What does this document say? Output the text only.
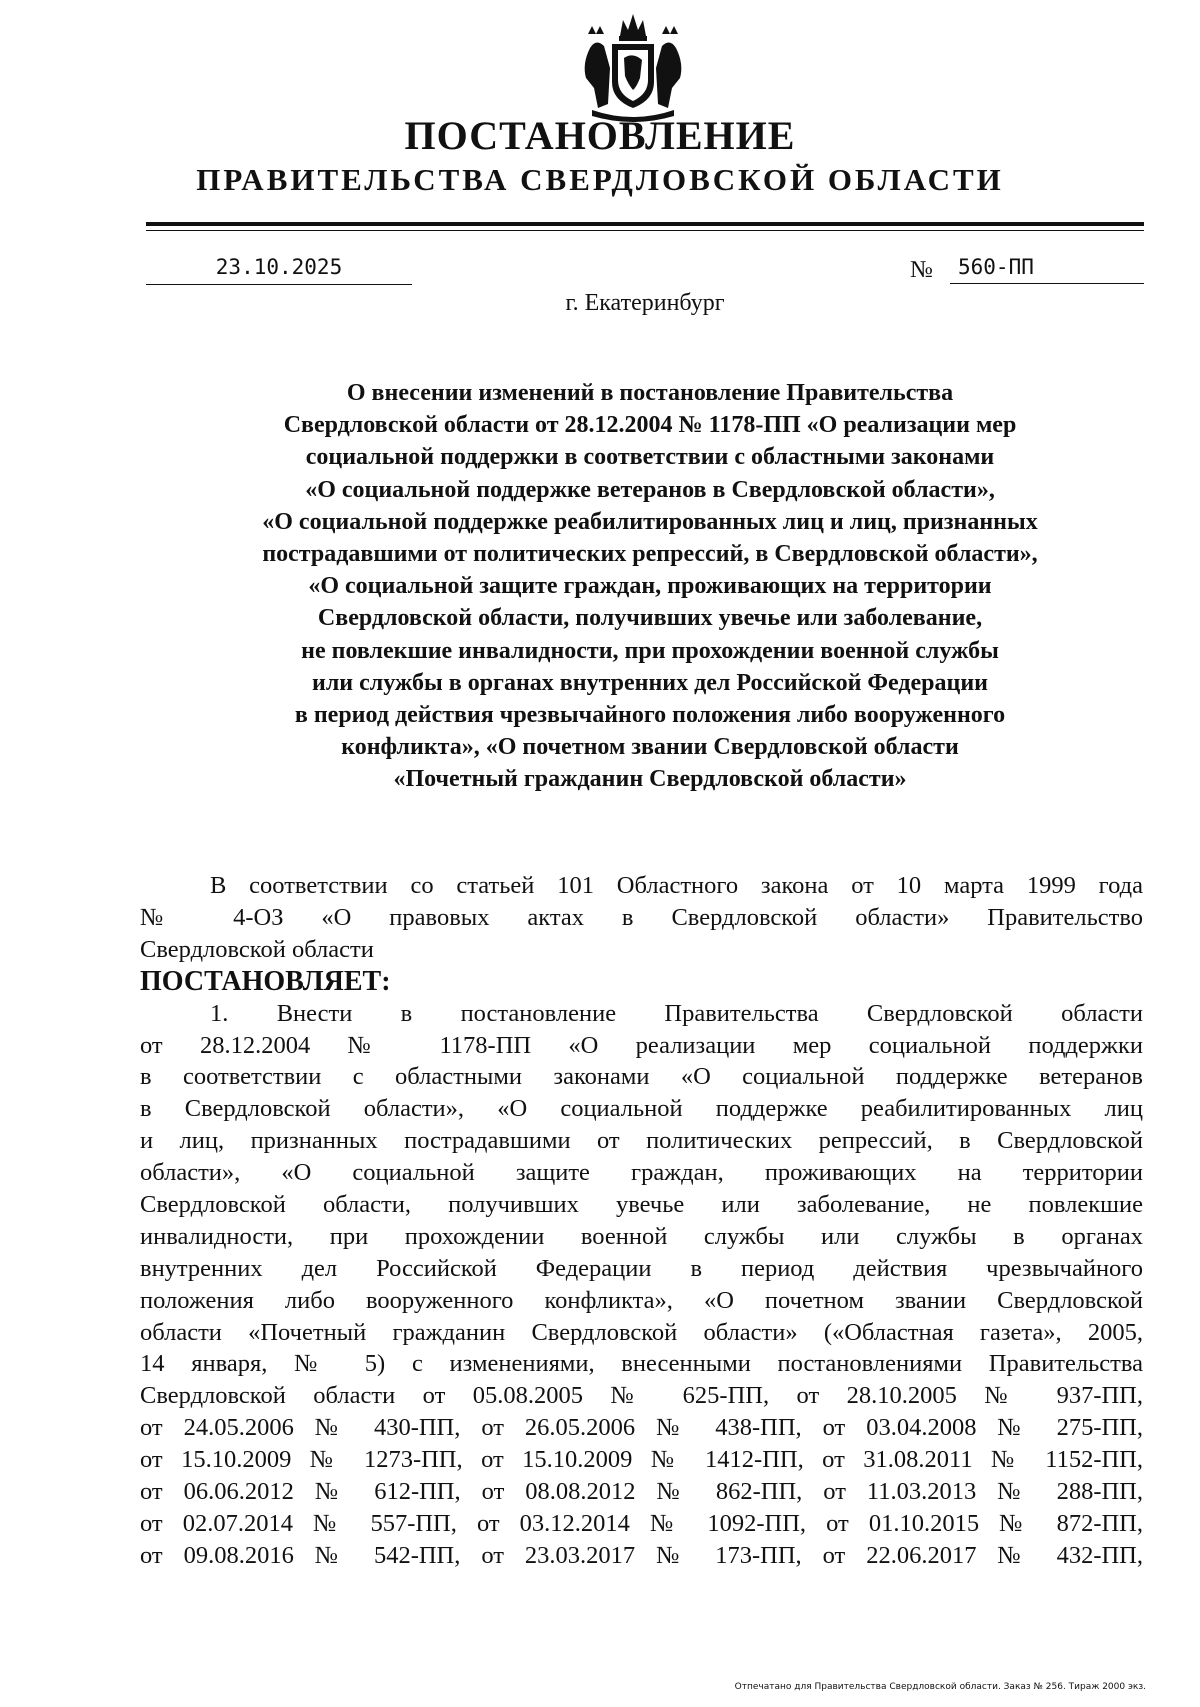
ПОСТАНОВЛЕНИЕ
ПРАВИТЕЛЬСТВА СВЕРДЛОВСКОЙ ОБЛАСТИ
23.10.2025	№	560-ПП
г. Екатеринбург
О внесении изменений в постановление Правительства
Свердловской области от 28.12.2004 № 1178-ПП «О реализации мер
социальной поддержки в соответствии с областными законами
«О социальной поддержке ветеранов в Свердловской области»,
«О социальной поддержке реабилитированных лиц и лиц, признанных
пострадавшими от политических репрессий, в Свердловской области»,
«О социальной защите граждан, проживающих на территории
Свердловской области, получивших увечье или заболевание,
не повлекшие инвалидности, при прохождении военной службы
или службы в органах внутренних дел Российской Федерации
в период действия чрезвычайного положения либо вооруженного
конфликта», «О почетном звании Свердловской области
«Почетный гражданин Свердловской области»
В соответствии со статьей 101 Областного закона от 10 марта 1999 года
№ 4-ОЗ «О правовых актах в Свердловской области» Правительство
Свердловской области

ПОСТАНОВЛЯЕТ:

1. Внести в постановление Правительства Свердловской области
от 28.12.2004 № 1178-ПП «О реализации мер социальной поддержки
в соответствии с областными законами «О социальной поддержке ветеранов
в Свердловской области», «О социальной поддержке реабилитированных лиц
и лиц, признанных пострадавшими от политических репрессий, в Свердловской
области», «О социальной защите граждан, проживающих на территории
Свердловской области, получивших увечье или заболевание, не повлекшие
инвалидности, при прохождении военной службы или службы в органах
внутренних дел Российской Федерации в период действия чрезвычайного
положения либо вооруженного конфликта», «О почетном звании Свердловской
области «Почетный гражданин Свердловской области» («Областная газета», 2005,
14 января, № 5) с изменениями, внесенными постановлениями Правительства
Свердловской области от 05.08.2005 № 625-ПП, от 28.10.2005 № 937-ПП,
от 24.05.2006 № 430-ПП, от 26.05.2006 № 438-ПП, от 03.04.2008 № 275-ПП,
от 15.10.2009 № 1273-ПП, от 15.10.2009 № 1412-ПП, от 31.08.2011 № 1152-ПП,
от 06.06.2012 № 612-ПП, от 08.08.2012 № 862-ПП, от 11.03.2013 № 288-ПП,
от 02.07.2014 № 557-ПП, от 03.12.2014 № 1092-ПП, от 01.10.2015 № 872-ПП,
от 09.08.2016 № 542-ПП, от 23.03.2017 № 173-ПП, от 22.06.2017 № 432-ПП,
Отпечатано для Правительства Свердловской области. Заказ № 256. Тираж 2000 экз.
